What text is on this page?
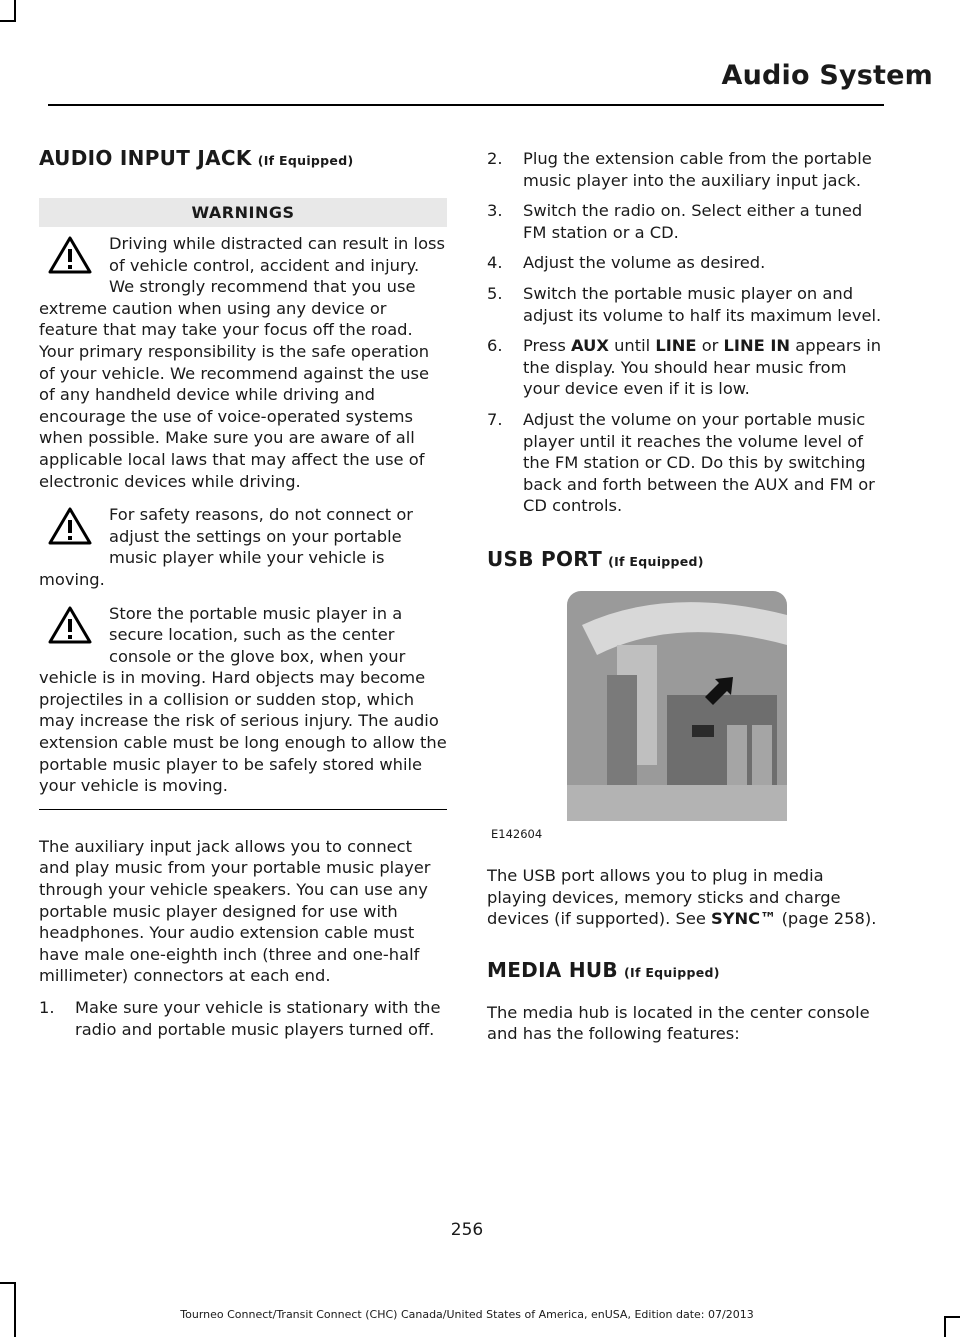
Audio System
AUDIO INPUT JACK (If Equipped)
WARNINGS
Driving while distracted can result in loss of vehicle control, accident and injury. We strongly recommend that you use extreme caution when using any device or feature that may take your focus off the road. Your primary responsibility is the safe operation of your vehicle. We recommend against the use of any handheld device while driving and encourage the use of voice-operated systems when possible. Make sure you are aware of all applicable local laws that may affect the use of electronic devices while driving.
For safety reasons, do not connect or adjust the settings on your portable music player while your vehicle is moving.
Store the portable music player in a secure location, such as the center console or the glove box, when your vehicle is in moving. Hard objects may become projectiles in a collision or sudden stop, which may increase the risk of serious injury. The audio extension cable must be long enough to allow the portable music player to be safely stored while your vehicle is moving.

The auxiliary input jack allows you to connect and play music from your portable music player through your vehicle speakers. You can use any portable music player designed for use with headphones. Your audio extension cable must have male one-eighth inch (three and one-half millimeter) connectors at each end.

1. Make sure your vehicle is stationary with the radio and portable music players turned off.
2. Plug the extension cable from the portable music player into the auxiliary input jack.
3. Switch the radio on. Select either a tuned FM station or a CD.
4. Adjust the volume as desired.
5. Switch the portable music player on and adjust its volume to half its maximum level.
6. Press AUX until LINE or LINE IN appears in the display. You should hear music from your device even if it is low.
7. Adjust the volume on your portable music player until it reaches the volume level of the FM station or CD. Do this by switching back and forth between the AUX and FM or CD controls.
USB PORT (If Equipped)
E142604

The USB port allows you to plug in media playing devices, memory sticks and charge devices (if supported). See SYNC™ (page 258).

MEDIA HUB (If Equipped)

The media hub is located in the center console and has the following features:

256
Tourneo Connect/Transit Connect (CHC) Canada/United States of America, enUSA, Edition date: 07/2013
